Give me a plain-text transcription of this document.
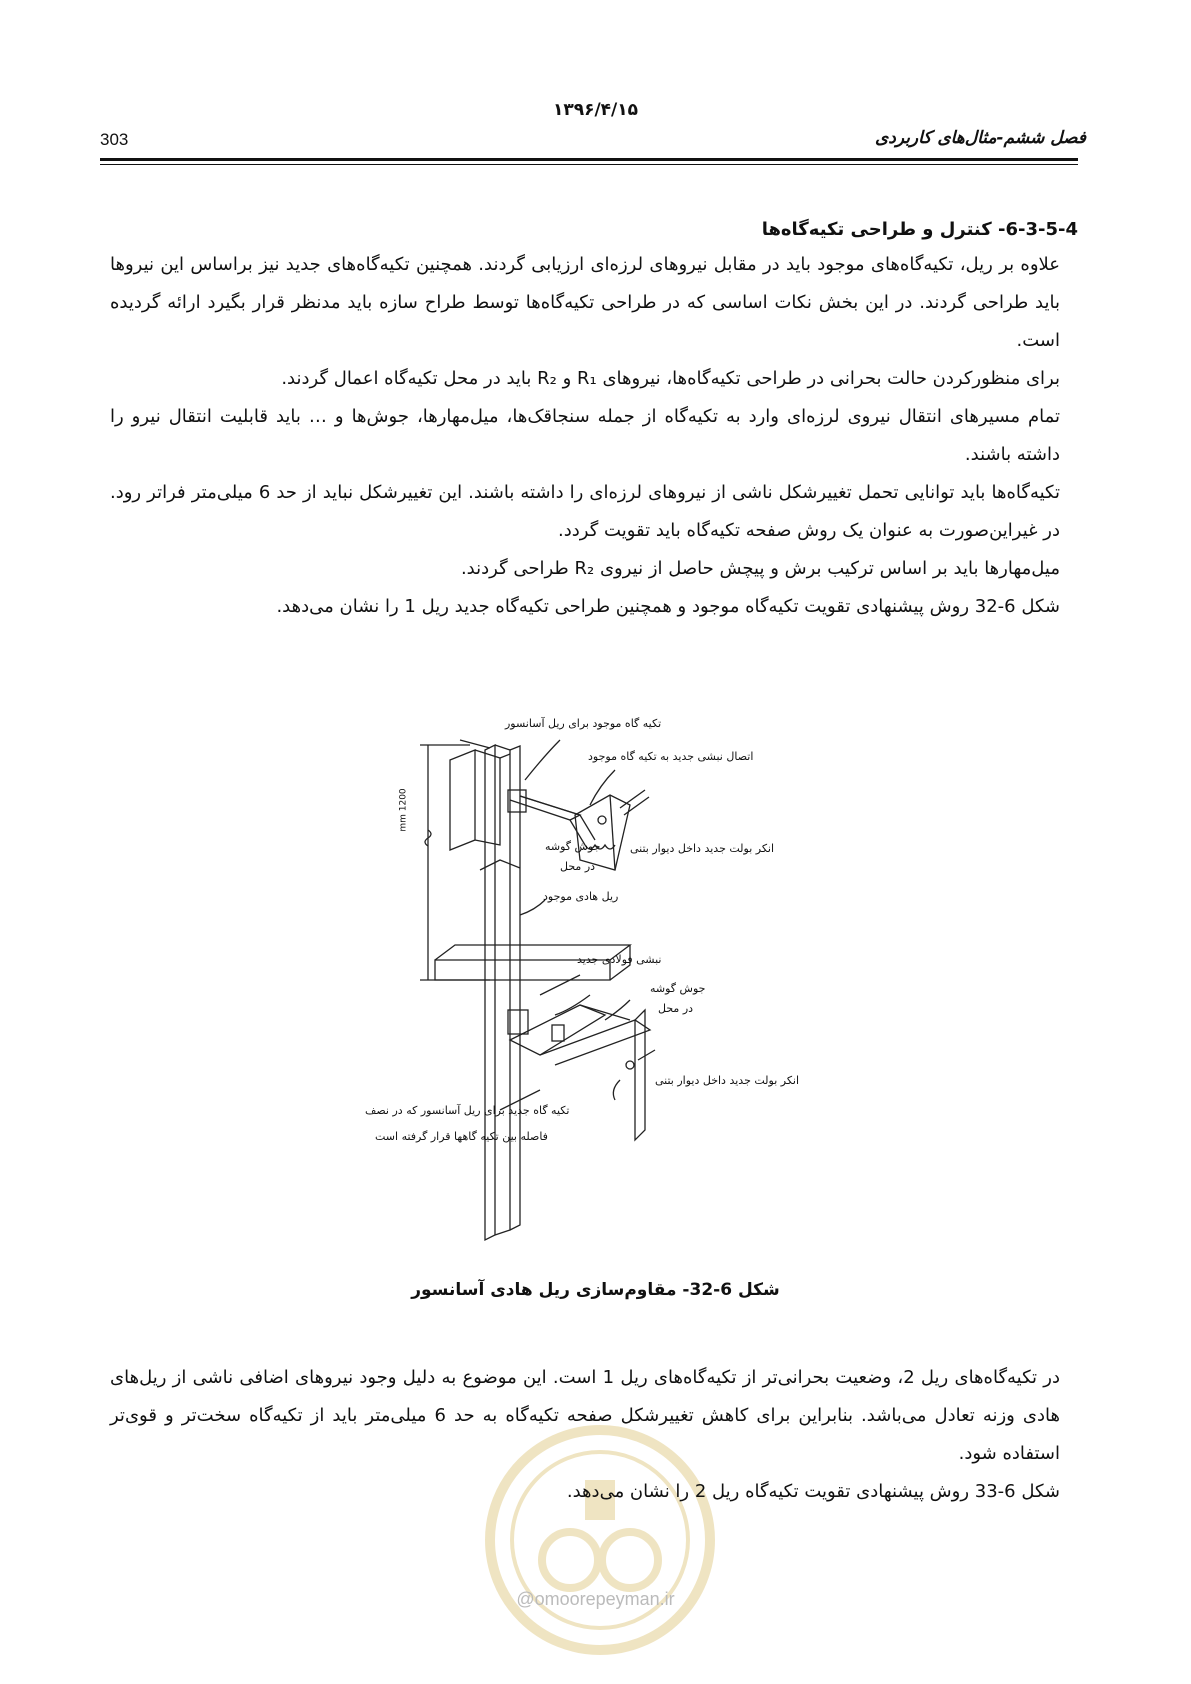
۱۳۹۶/۴/۱۵
303	فصل ششم-مثال‌های کاربردی
6-3-5-4- کنترل و طراحی تکیه‌گاه‌ها

علاوه بر ریل، تکیه‌گاه‌های موجود باید در مقابل نیروهای لرزه‌ای ارزیابی گردند. همچنین تکیه‌گاه‌های جدید نیز براساس این نیروها باید طراحی گردند. در این بخش نکات اساسی که در طراحی تکیه‌گاه‌ها توسط طراح سازه باید مدنظر قرار بگیرد ارائه گردیده است.

برای منظورکردن حالت بحرانی در طراحی تکیه‌گاه‌ها، نیروهای R₁ و R₂ باید در محل تکیه‌گاه اعمال گردند.

تمام مسیرهای انتقال نیروی لرزه‌ای وارد به تکیه‌گاه از جمله سنجاقک‌ها، میل‌مهارها، جوش‌ها و … باید قابلیت انتقال نیرو را داشته باشند.

تکیه‌گاه‌ها باید توانایی تحمل تغییرشکل ناشی از نیروهای لرزه‌ای را داشته باشند. این تغییرشکل نباید از حد 6 میلی‌متر فراتر رود. در غیراین‌صورت به عنوان یک روش صفحه تکیه‌گاه باید تقویت گردد.

میل‌مهارها باید بر اساس ترکیب برش و پیچش حاصل از نیروی R₂ طراحی گردند.

شکل 6-32 روش پیشنهادی تقویت تکیه‌گاه موجود و همچنین طراحی تکیه‌گاه جدید ریل 1 را نشان می‌دهد.

تکیه گاه موجود برای ریل آسانسور
اتصال نبشی جدید به تکیه گاه موجود
1200 mm
جوش گوشه
در محل
انکر بولت جدید داخل دیوار بتنی
ریل هادی موجود
نبشی فولادی جدید
جوش گوشه
در محل
انکر بولت جدید داخل دیوار بتنی
تکیه گاه جدید برای ریل آسانسور که در نصف
فاصله بین تکیه گاهها قرار گرفته است
شکل 6-32- مقاوم‌سازی ریل هادی آسانسور

در تکیه‌گاه‌های ریل 2، وضعیت بحرانی‌تر از تکیه‌گاه‌های ریل 1 است. این موضوع به دلیل وجود نیروهای اضافی ناشی از ریل‌های هادی وزنه تعادل می‌باشد. بنابراین برای کاهش تغییرشکل صفحه تکیه‌گاه به حد 6 میلی‌متر باید از تکیه‌گاه سخت‌تر و قوی‌تر استفاده شود.

شکل 6-33 روش پیشنهادی تقویت تکیه‌گاه ریل 2 را نشان می‌دهد.

@omoorepeyman.ir
